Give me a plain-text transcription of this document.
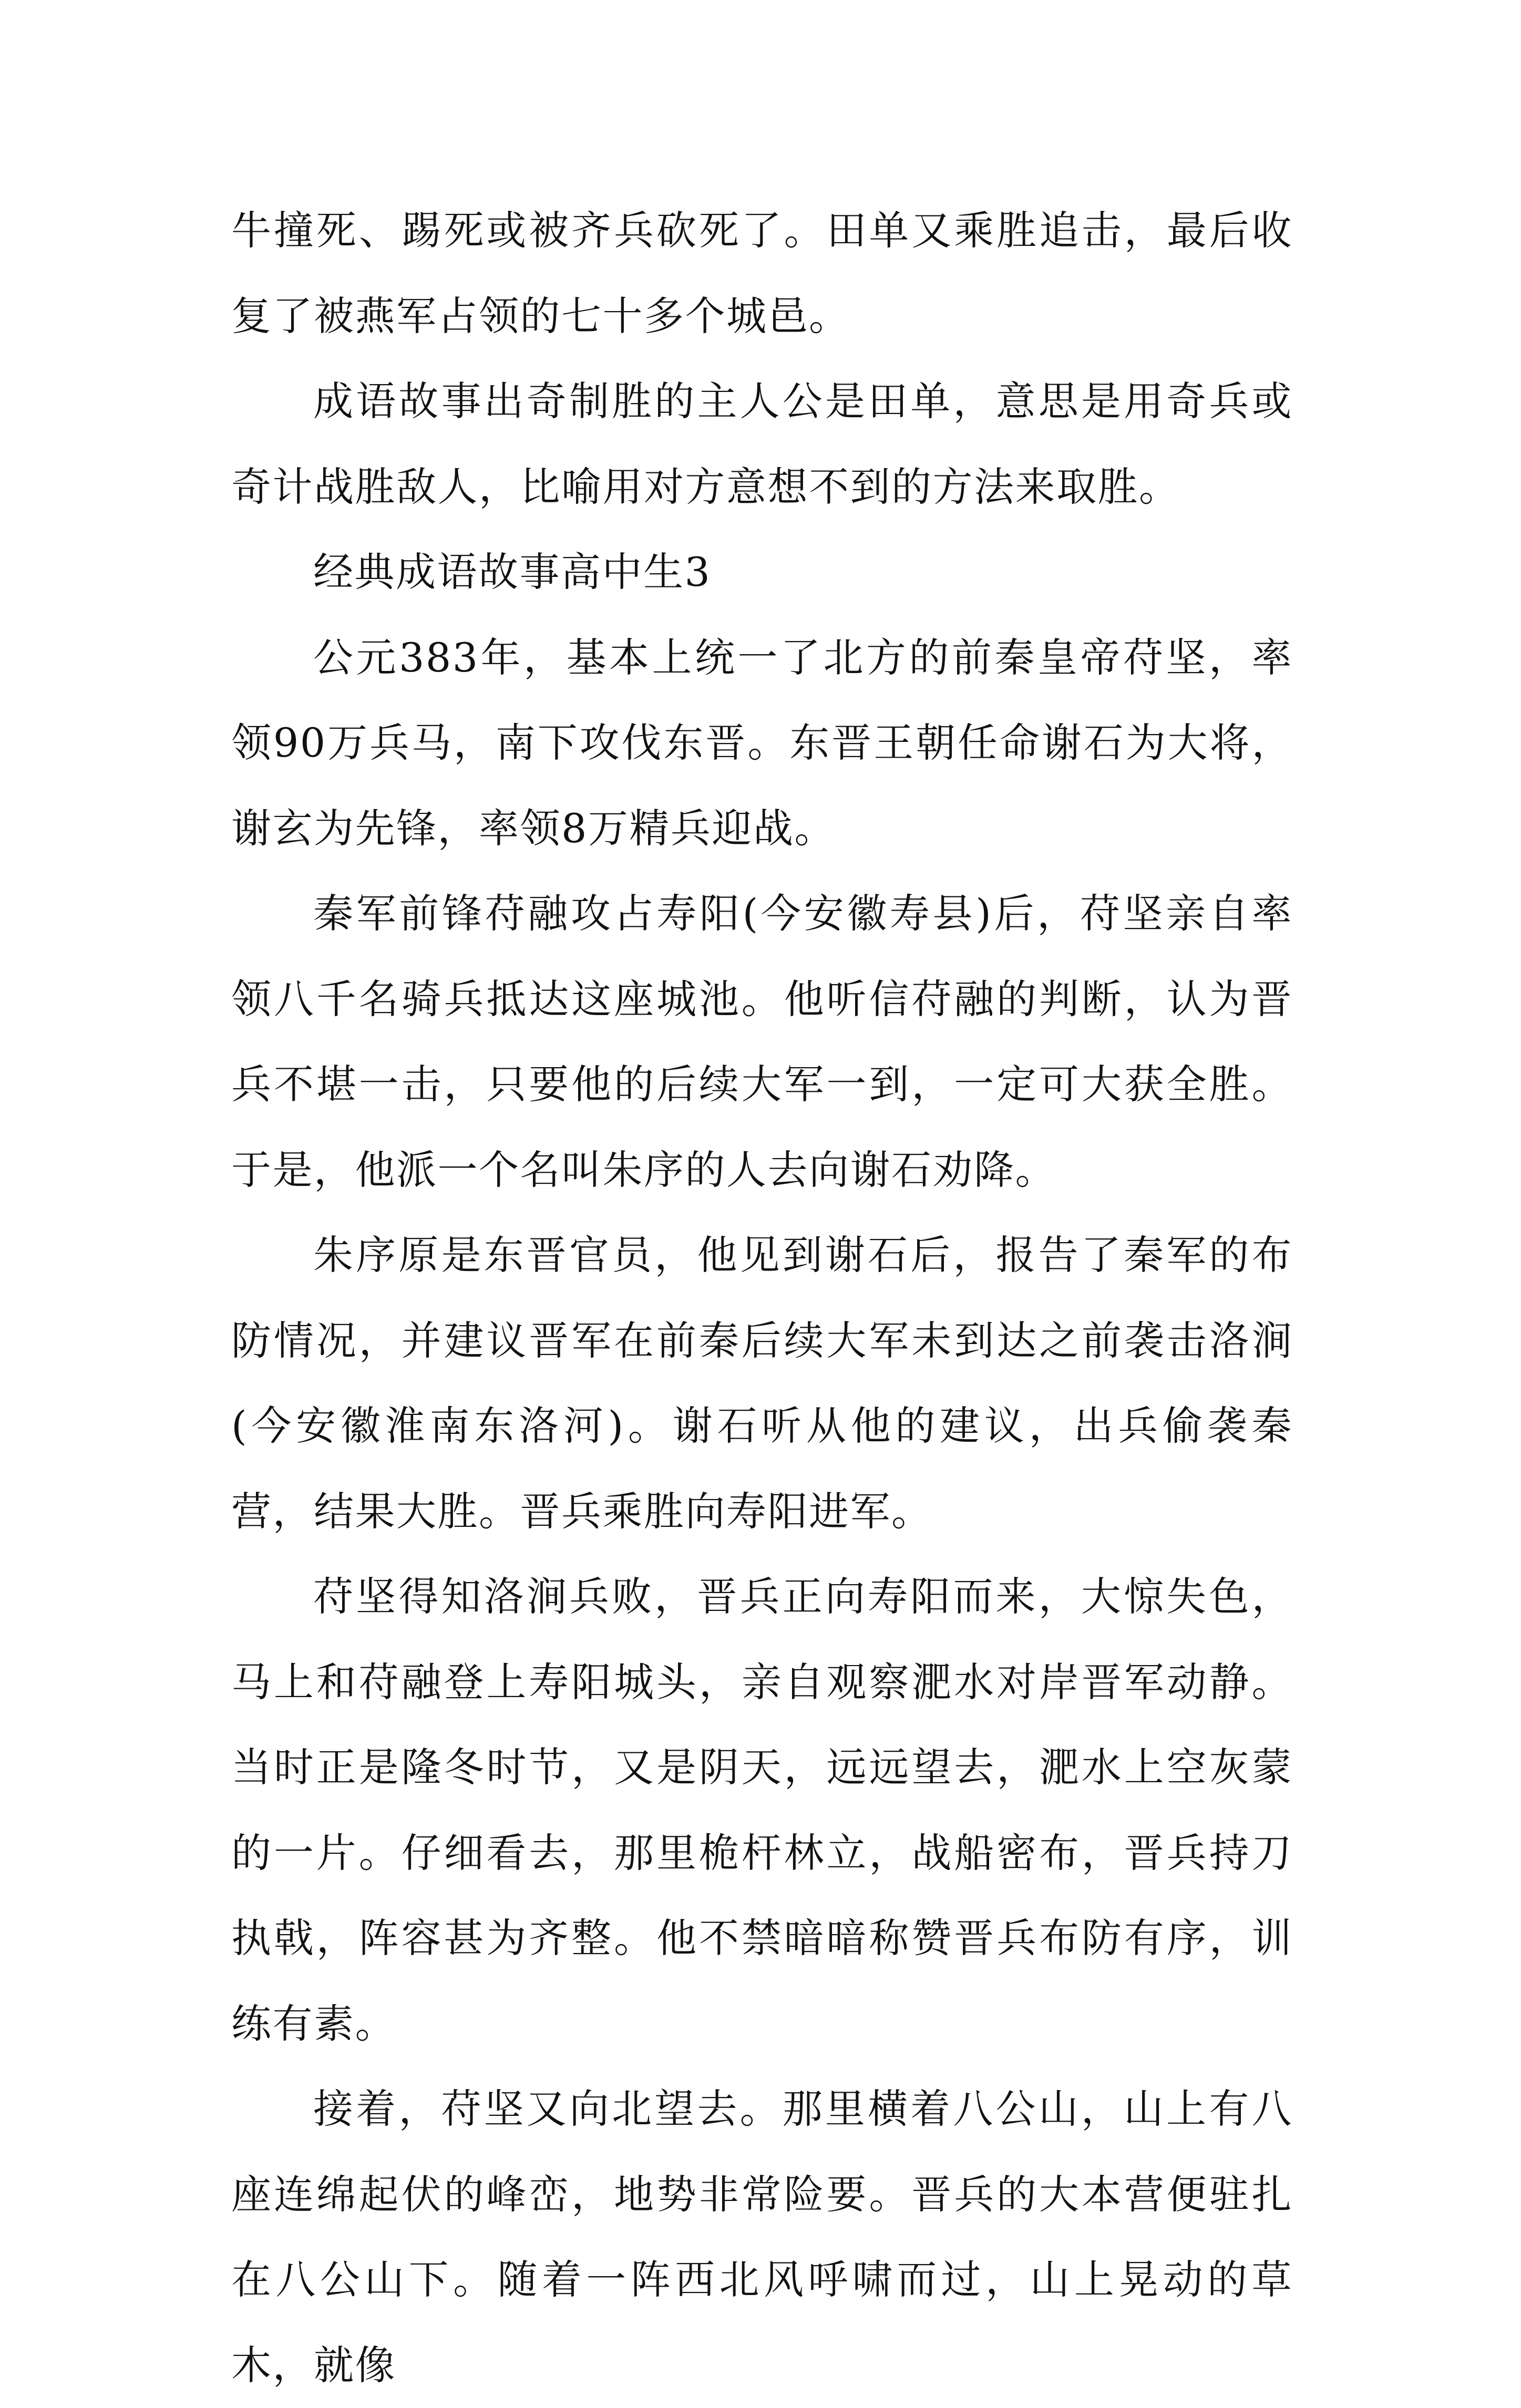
牛撞死、踢死或被齐兵砍死了。田单又乘胜追击，最后收复了被燕军占领的七十多个城邑。

成语故事出奇制胜的主人公是田单，意思是用奇兵或奇计战胜敌人，比喻用对方意想不到的方法来取胜。

经典成语故事高中生3

公元383年，基本上统一了北方的前秦皇帝苻坚，率领90万兵马，南下攻伐东晋。东晋王朝任命谢石为大将，谢玄为先锋，率领8万精兵迎战。

秦军前锋苻融攻占寿阳(今安徽寿县)后，苻坚亲自率领八千名骑兵抵达这座城池。他听信苻融的判断，认为晋兵不堪一击，只要他的后续大军一到，一定可大获全胜。于是，他派一个名叫朱序的人去向谢石劝降。

朱序原是东晋官员，他见到谢石后，报告了秦军的布防情况，并建议晋军在前秦后续大军未到达之前袭击洛涧(今安徽淮南东洛河)。谢石听从他的建议，出兵偷袭秦营，结果大胜。晋兵乘胜向寿阳进军。

苻坚得知洛涧兵败，晋兵正向寿阳而来，大惊失色，马上和苻融登上寿阳城头，亲自观察淝水对岸晋军动静。当时正是隆冬时节，又是阴天，远远望去，淝水上空灰蒙的一片。仔细看去，那里桅杆林立，战船密布，晋兵持刀执戟，阵容甚为齐整。他不禁暗暗称赞晋兵布防有序，训练有素。

接着，苻坚又向北望去。那里横着八公山，山上有八座连绵起伏的峰峦，地势非常险要。晋兵的大本营便驻扎在八公山下。随着一阵西北风呼啸而过，山上晃动的草木，就像
